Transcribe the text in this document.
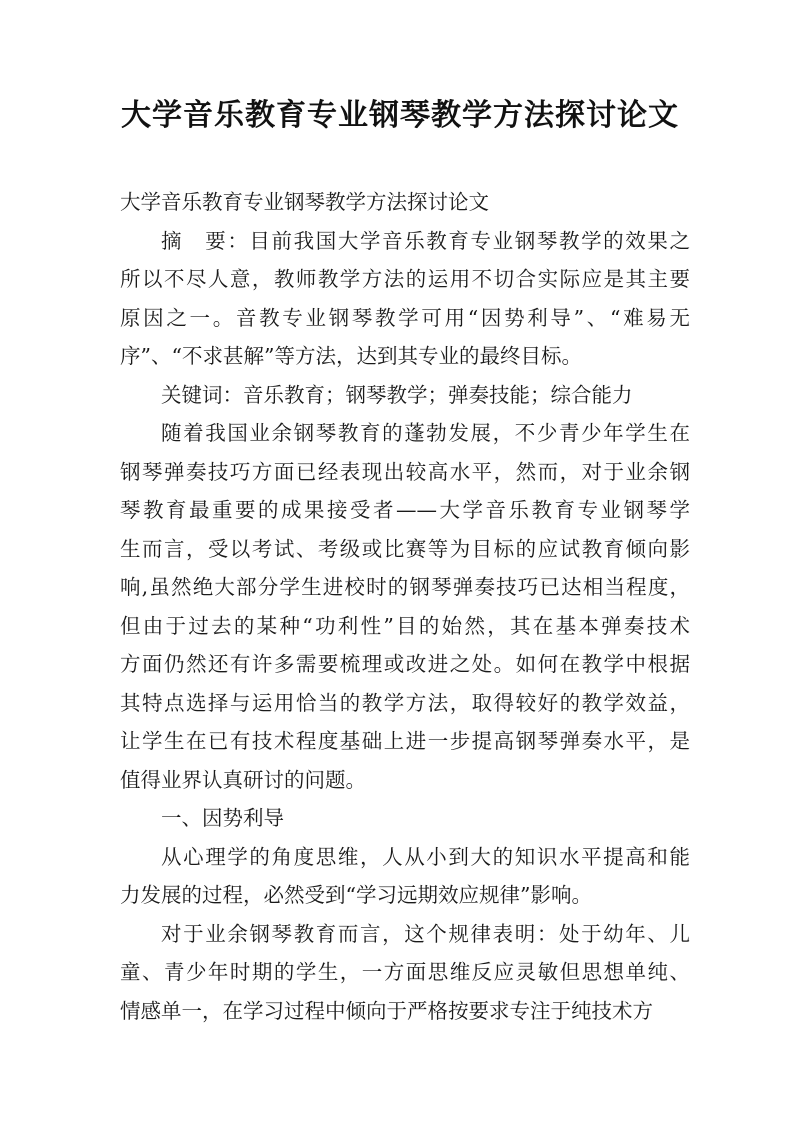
大学音乐教育专业钢琴教学方法探讨论文

大学音乐教育专业钢琴教学方法探讨论文

摘　要：目前我国大学音乐教育专业钢琴教学的效果之
所以不尽人意，教师教学方法的运用不切合实际应是其主要
原因之一。音教专业钢琴教学可用“因势利导”、“难易无
序”、“不求甚解”等方法，达到其专业的最终目标。

关键词：音乐教育；钢琴教学；弹奏技能；综合能力

随着我国业余钢琴教育的蓬勃发展，不少青少年学生在
钢琴弹奏技巧方面已经表现出较高水平，然而，对于业余钢
琴教育最重要的成果接受者——大学音乐教育专业钢琴学
生而言，受以考试、考级或比赛等为目标的应试教育倾向影
响,虽然绝大部分学生进校时的钢琴弹奏技巧已达相当程度，
但由于过去的某种“功利性”目的始然，其在基本弹奏技术
方面仍然还有许多需要梳理或改进之处。如何在教学中根据
其特点选择与运用恰当的教学方法，取得较好的教学效益，
让学生在已有技术程度基础上进一步提高钢琴弹奏水平，是
值得业界认真研讨的问题。

一、因势利导

从心理学的角度思维，人从小到大的知识水平提高和能
力发展的过程，必然受到“学习远期效应规律”影响。

对于业余钢琴教育而言，这个规律表明：处于幼年、儿
童、青少年时期的学生，一方面思维反应灵敏但思想单纯、
情感单一，在学习过程中倾向于严格按要求专注于纯技术方
